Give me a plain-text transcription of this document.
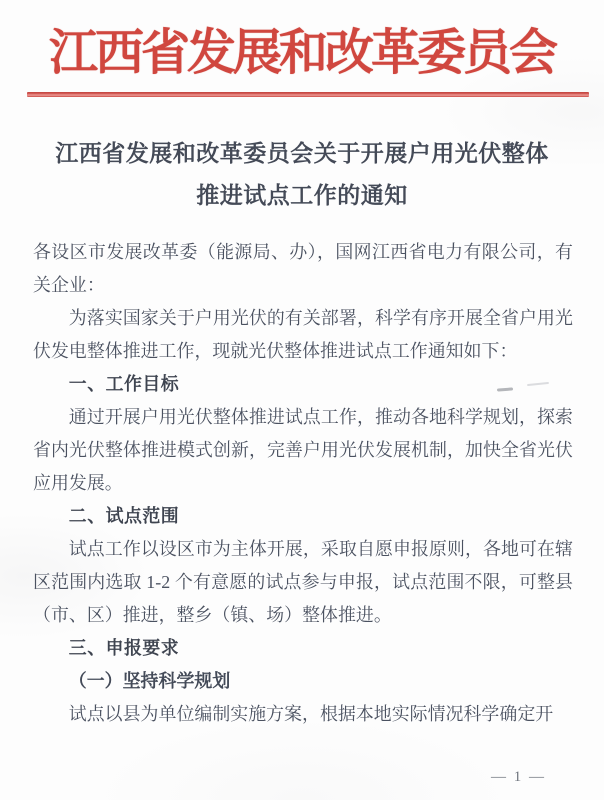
江西省发展和改革委员会
江西省发展和改革委员会关于开展户用光伏整体
推进试点工作的通知

各设区市发展改革委（能源局、办），国网江西省电力有限公司，有关企业：

为落实国家关于户用光伏的有关部署，科学有序开展全省户用光伏发电整体推进工作，现就光伏整体推进试点工作通知如下：

一、工作目标

通过开展户用光伏整体推进试点工作，推动各地科学规划，探索省内光伏整体推进模式创新，完善户用光伏发展机制，加快全省光伏应用发展。

二、试点范围

试点工作以设区市为主体开展，采取自愿申报原则，各地可在辖区范围内选取 1-2 个有意愿的试点参与申报，试点范围不限，可整县（市、区）推进，整乡（镇、场）整体推进。

三、申报要求

（一）坚持科学规划

试点以县为单位编制实施方案，根据本地实际情况科学确定开

— 1 —
